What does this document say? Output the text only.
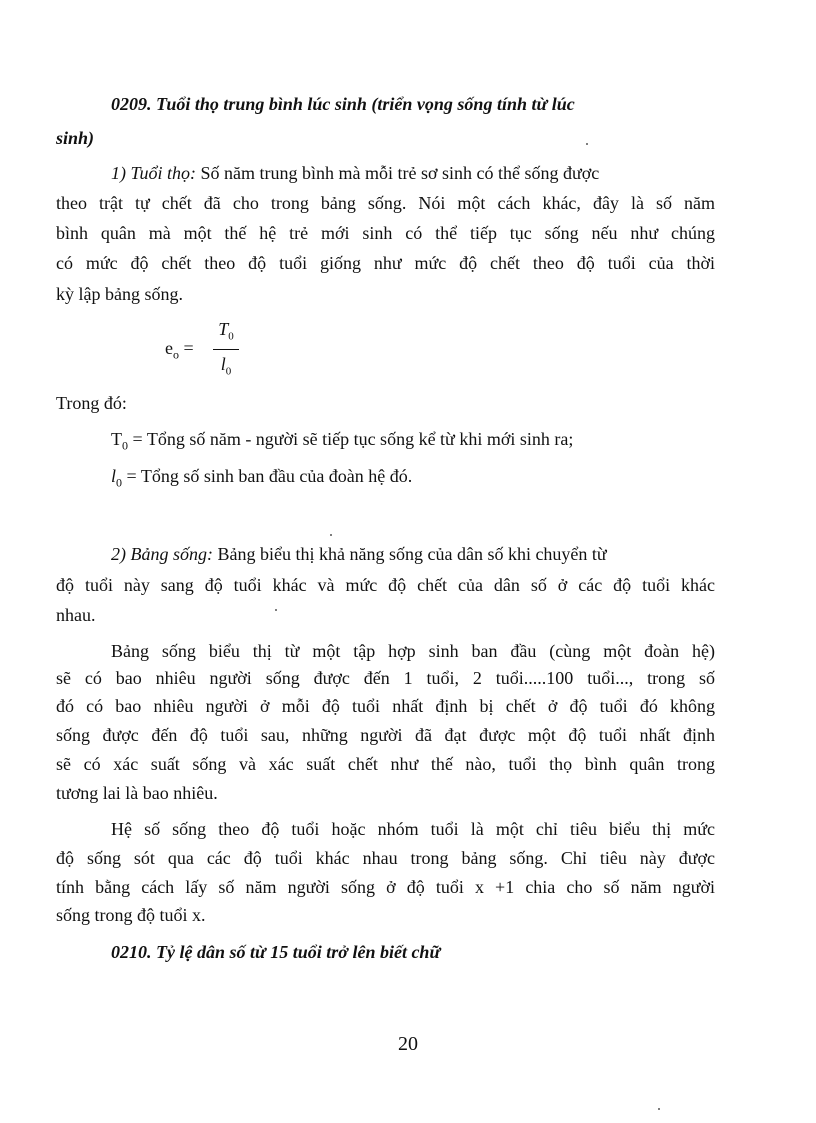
0209. Tuổi thọ trung bình lúc sinh (triển vọng sống tính từ lúc
sinh)
1) Tuổi thọ: Số năm trung bình mà mỗi trẻ sơ sinh có thể sống được
theo trật tự chết đã cho trong bảng sống. Nói một cách khác, đây là số năm
bình quân mà một thế hệ trẻ mới sinh có thể tiếp tục sống nếu như chúng
có mức độ chết theo độ tuổi giống như mức độ chết theo độ tuổi của thời
kỳ lập bảng sống.
$e_o$ =
$T_0$
$l_0$
Trong đó:
$T_0$ = Tổng số năm - người sẽ tiếp tục sống kể từ khi mới sinh ra;
$l_0$ = Tổng số sinh ban đầu của đoàn hệ đó.
2) Bảng sống: Bảng biểu thị khả năng sống của dân số khi chuyển từ
độ tuổi này sang độ tuổi khác và mức độ chết của dân số ở các độ tuổi khác
nhau.
Bảng sống biểu thị từ một tập hợp sinh ban đầu (cùng một đoàn hệ)
sẽ có bao nhiêu người sống được đến 1 tuổi, 2 tuổi.....100 tuổi..., trong số
đó có bao nhiêu người ở mỗi độ tuổi nhất định bị chết ở độ tuổi đó không
sống được đến độ tuổi sau, những người đã đạt được một độ tuổi nhất định
sẽ có xác suất sống và xác suất chết như thế nào, tuổi thọ bình quân trong
tương lai là bao nhiêu.
Hệ số sống theo độ tuổi hoặc nhóm tuổi là một chỉ tiêu biểu thị mức
độ sống sót qua các độ tuổi khác nhau trong bảng sống. Chỉ tiêu này được
tính bằng cách lấy số năm người sống ở độ tuổi x +1 chia cho số năm người
sống trong độ tuổi x.
0210. Tỷ lệ dân số từ 15 tuổi trở lên biết chữ
20
